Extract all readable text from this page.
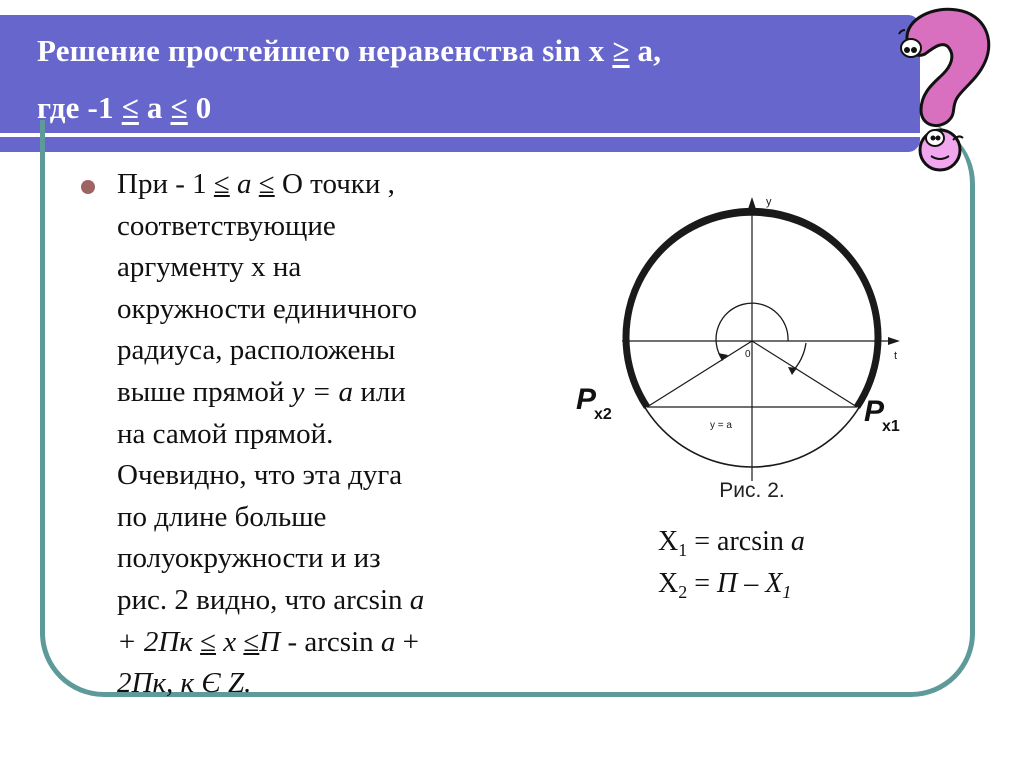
Решение простейшего неравенства sin x ≥ a,
где -1 ≤ а ≤ 0
При - 1 ≤ а ≤ О точки ,
соответствующие
аргументу х на
окружности единичного
радиуса, расположены
выше прямой y = a или
на самой прямой.
Очевидно, что эта дуга
по длине больше
полуокружности и из
рис. 2 видно, что arcsin a
+ 2Пк ≤ x ≤П - arcsin a +
2Пк, к Є Z.
y
t
0
y = a
P
x2	P
x1
Рис. 2.
$X_1 = \arcsin a$
$X_2 = П - X_1$
